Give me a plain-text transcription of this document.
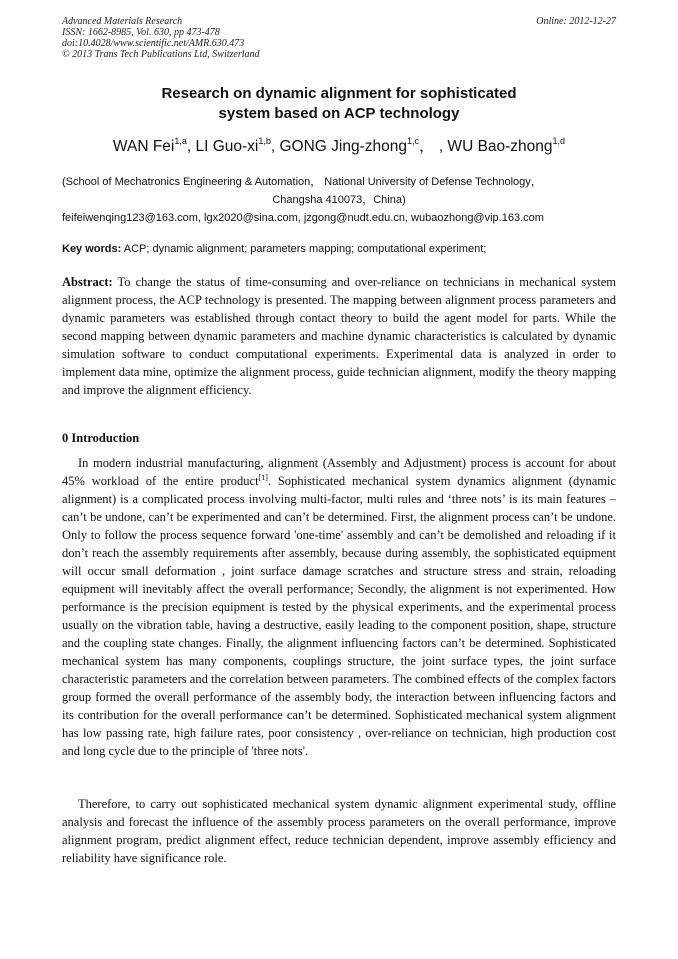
Advanced Materials Research
ISSN: 1662-8985, Vol. 630, pp 473-478
doi:10.4028/www.scientific.net/AMR.630.473
© 2013 Trans Tech Publications Ltd, Switzerland
Online: 2012-12-27
Research on dynamic alignment for sophisticated
system based on ACP technology
WAN Fei$^{1,a}$, LI Guo-xi$^{1,b}$, GONG Jing-zhong$^{1,c}$， , WU Bao-zhong$^{1,d}$
(School of Mechatronics Engineering & Automation， National University of Defense Technology，
Changsha 410073，China)
feifeiwenqing123@163.com, lgx2020@sina.com, jzgong@nudt.edu.cn, wubaozhong@vip.163.com
Key words: ACP; dynamic alignment; parameters mapping; computational experiment;
Abstract: To change the status of time-consuming and over-reliance on technicians in mechanical system alignment process, the ACP technology is presented. The mapping between alignment process parameters and dynamic parameters was established through contact theory to build the agent model for parts. While the second mapping between dynamic parameters and machine dynamic characteristics is calculated by dynamic simulation software to conduct computational experiments. Experimental data is analyzed in order to implement data mine, optimize the alignment process, guide technician alignment, modify the theory mapping and improve the alignment efficiency.
0 Introduction
In modern industrial manufacturing, alignment (Assembly and Adjustment) process is account for about 45% workload of the entire product[1]. Sophisticated mechanical system dynamics alignment (dynamic alignment) is a complicated process involving multi-factor, multi rules and ‘three nots’ is its main features – can’t be undone, can’t be experimented and can’t be determined. First, the alignment process can’t be undone. Only to follow the process sequence forward 'one-time' assembly and can’t be demolished and reloading if it don’t reach the assembly requirements after assembly, because during assembly, the sophisticated equipment will occur small deformation , joint surface damage scratches and structure stress and strain, reloading equipment will inevitably affect the overall performance; Secondly, the alignment is not experimented. How performance is the precision equipment is tested by the physical experiments, and the experimental process usually on the vibration table, having a destructive, easily leading to the component position, shape, structure and the coupling state changes. Finally, the alignment influencing factors can’t be determined. Sophisticated mechanical system has many components, couplings structure, the joint surface types, the joint surface characteristic parameters and the correlation between parameters. The combined effects of the complex factors group formed the overall performance of the assembly body, the interaction between influencing factors and its contribution for the overall performance can’t be determined. Sophisticated mechanical system alignment has low passing rate, high failure rates, poor consistency , over-reliance on technician, high production cost and long cycle due to the principle of 'three nots'.
Therefore, to carry out sophisticated mechanical system dynamic alignment experimental study, offline analysis and forecast the influence of the assembly process parameters on the overall performance, improve alignment program, predict alignment effect, reduce technician dependent, improve assembly efficiency and reliability have significance role.
